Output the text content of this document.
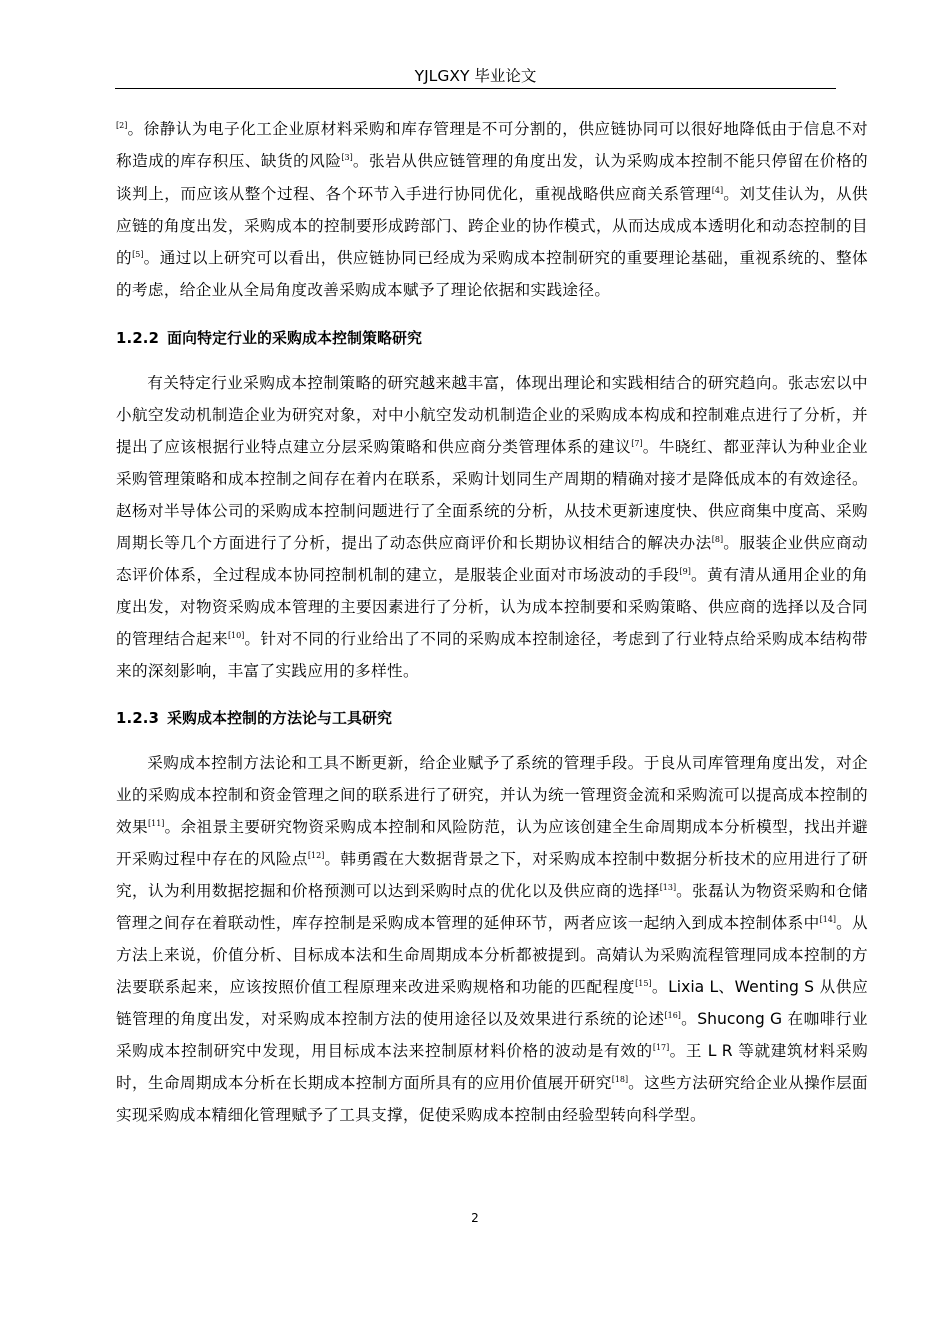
YJLGXY 毕业论文

[2]。徐静认为电子化工企业原材料采购和库存管理是不可分割的，供应链协同可以很好地降低由于信息不对称造成的库存积压、缺货的风险[3]。张岩从供应链管理的角度出发，认为采购成本控制不能只停留在价格的谈判上，而应该从整个过程、各个环节入手进行协同优化，重视战略供应商关系管理[4]。刘艾佳认为，从供应链的角度出发，采购成本的控制要形成跨部门、跨企业的协作模式，从而达成成本透明化和动态控制的目的[5]。通过以上研究可以看出，供应链协同已经成为采购成本控制研究的重要理论基础，重视系统的、整体的考虑，给企业从全局角度改善采购成本赋予了理论依据和实践途径。

1.2.2 面向特定行业的采购成本控制策略研究

有关特定行业采购成本控制策略的研究越来越丰富，体现出理论和实践相结合的研究趋向。张志宏以中小航空发动机制造企业为研究对象，对中小航空发动机制造企业的采购成本构成和控制难点进行了分析，并提出了应该根据行业特点建立分层采购策略和供应商分类管理体系的建议[7]。牛晓红、都亚萍认为种业企业采购管理策略和成本控制之间存在着内在联系，采购计划同生产周期的精确对接才是降低成本的有效途径。赵杨对半导体公司的采购成本控制问题进行了全面系统的分析，从技术更新速度快、供应商集中度高、采购周期长等几个方面进行了分析，提出了动态供应商评价和长期协议相结合的解决办法[8]。服装企业供应商动态评价体系，全过程成本协同控制机制的建立，是服装企业面对市场波动的手段[9]。黄有清从通用企业的角度出发，对物资采购成本管理的主要因素进行了分析，认为成本控制要和采购策略、供应商的选择以及合同的管理结合起来[10]。针对不同的行业给出了不同的采购成本控制途径，考虑到了行业特点给采购成本结构带来的深刻影响，丰富了实践应用的多样性。

1.2.3 采购成本控制的方法论与工具研究

采购成本控制方法论和工具不断更新，给企业赋予了系统的管理手段。于良从司库管理角度出发，对企业的采购成本控制和资金管理之间的联系进行了研究，并认为统一管理资金流和采购流可以提高成本控制的效果[11]。余祖景主要研究物资采购成本控制和风险防范，认为应该创建全生命周期成本分析模型，找出并避开采购过程中存在的风险点[12]。韩勇霞在大数据背景之下，对采购成本控制中数据分析技术的应用进行了研究，认为利用数据挖掘和价格预测可以达到采购时点的优化以及供应商的选择[13]。张磊认为物资采购和仓储管理之间存在着联动性，库存控制是采购成本管理的延伸环节，两者应该一起纳入到成本控制体系中[14]。从方法上来说，价值分析、目标成本法和生命周期成本分析都被提到。高婧认为采购流程管理同成本控制的方法要联系起来，应该按照价值工程原理来改进采购规格和功能的匹配程度[15]。Lixia L、Wenting S 从供应链管理的角度出发，对采购成本控制方法的使用途径以及效果进行系统的论述[16]。Shucong G 在咖啡行业采购成本控制研究中发现，用目标成本法来控制原材料价格的波动是有效的[17]。王 L R 等就建筑材料采购时，生命周期成本分析在长期成本控制方面所具有的应用价值展开研究[18]。这些方法研究给企业从操作层面实现采购成本精细化管理赋予了工具支撑，促使采购成本控制由经验型转向科学型。

2
